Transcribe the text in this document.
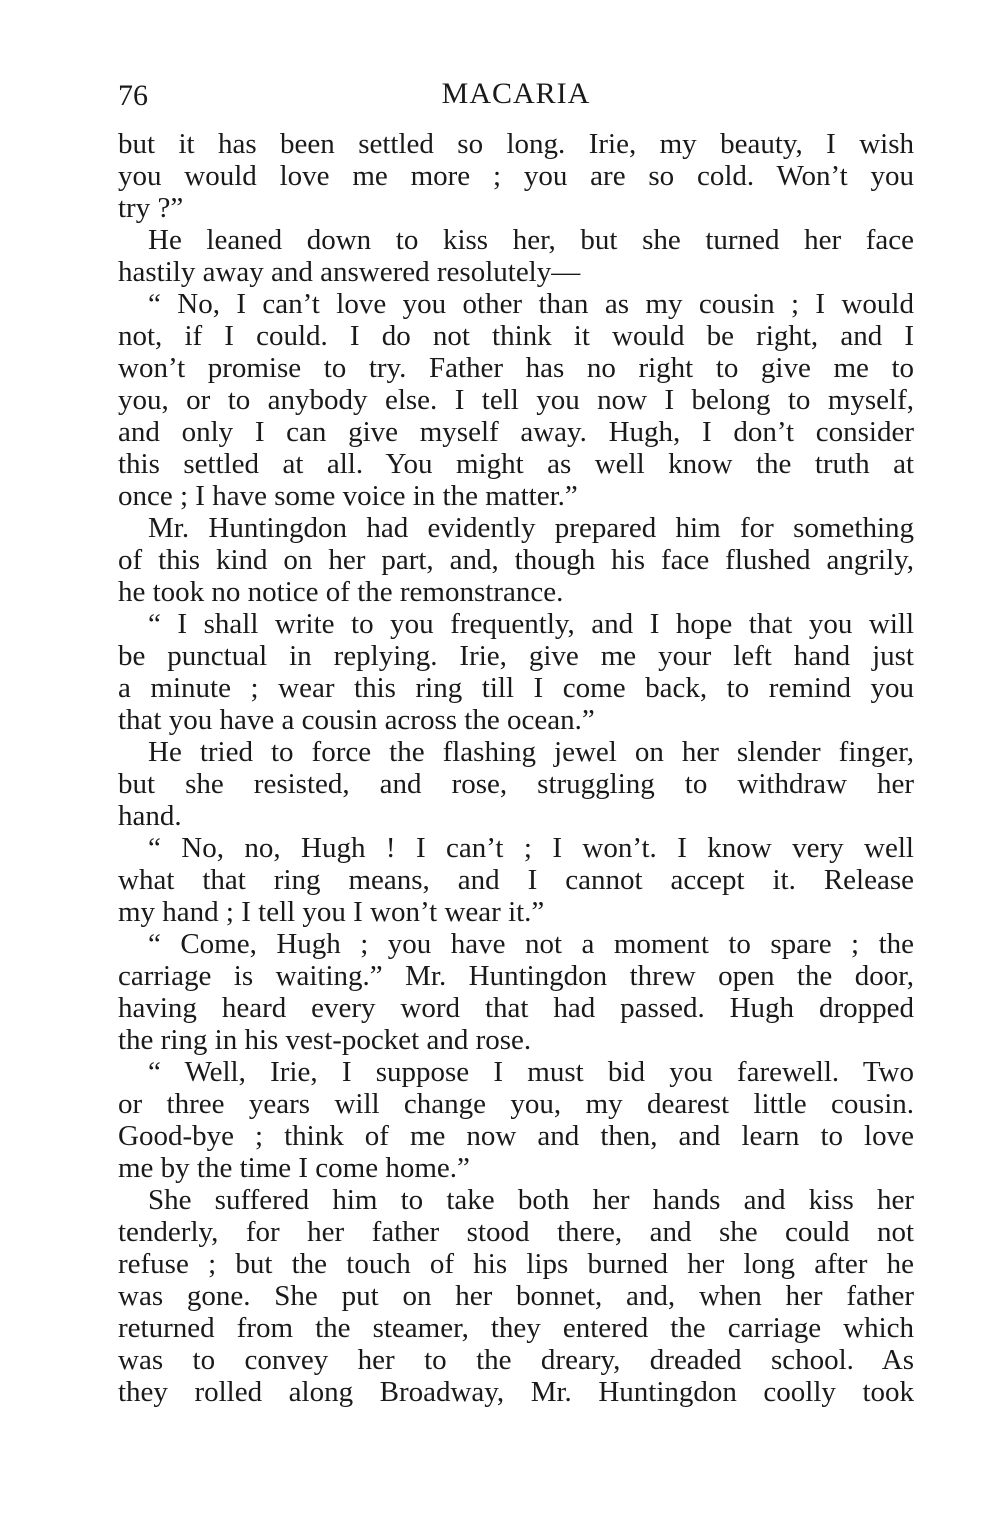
76	MACARIA
but it has been settled so long. Irie, my beauty, I wish
you would love me more ; you are so cold. Won’t you
try ?”
He leaned down to kiss her, but she turned her face
hastily away and answered resolutely—
“ No, I can’t love you other than as my cousin ; I would
not, if I could. I do not think it would be right, and I
won’t promise to try. Father has no right to give me to
you, or to anybody else. I tell you now I belong to myself,
and only I can give myself away. Hugh, I don’t consider
this settled at all. You might as well know the truth at
once ; I have some voice in the matter.”
Mr. Huntingdon had evidently prepared him for something
of this kind on her part, and, though his face flushed angrily,
he took no notice of the remonstrance.
“ I shall write to you frequently, and I hope that you will
be punctual in replying. Irie, give me your left hand just
a minute ; wear this ring till I come back, to remind you
that you have a cousin across the ocean.”
He tried to force the flashing jewel on her slender finger,
but she resisted, and rose, struggling to withdraw her
hand.
“ No, no, Hugh ! I can’t ; I won’t. I know very well
what that ring means, and I cannot accept it. Release
my hand ; I tell you I won’t wear it.”
“ Come, Hugh ; you have not a moment to spare ; the
carriage is waiting.” Mr. Huntingdon threw open the door,
having heard every word that had passed. Hugh dropped
the ring in his vest-pocket and rose.
“ Well, Irie, I suppose I must bid you farewell. Two
or three years will change you, my dearest little cousin.
Good-bye ; think of me now and then, and learn to love
me by the time I come home.”
She suffered him to take both her hands and kiss her
tenderly, for her father stood there, and she could not
refuse ; but the touch of his lips burned her long after he
was gone. She put on her bonnet, and, when her father
returned from the steamer, they entered the carriage which
was to convey her to the dreary, dreaded school. As
they rolled along Broadway, Mr. Huntingdon coolly took
